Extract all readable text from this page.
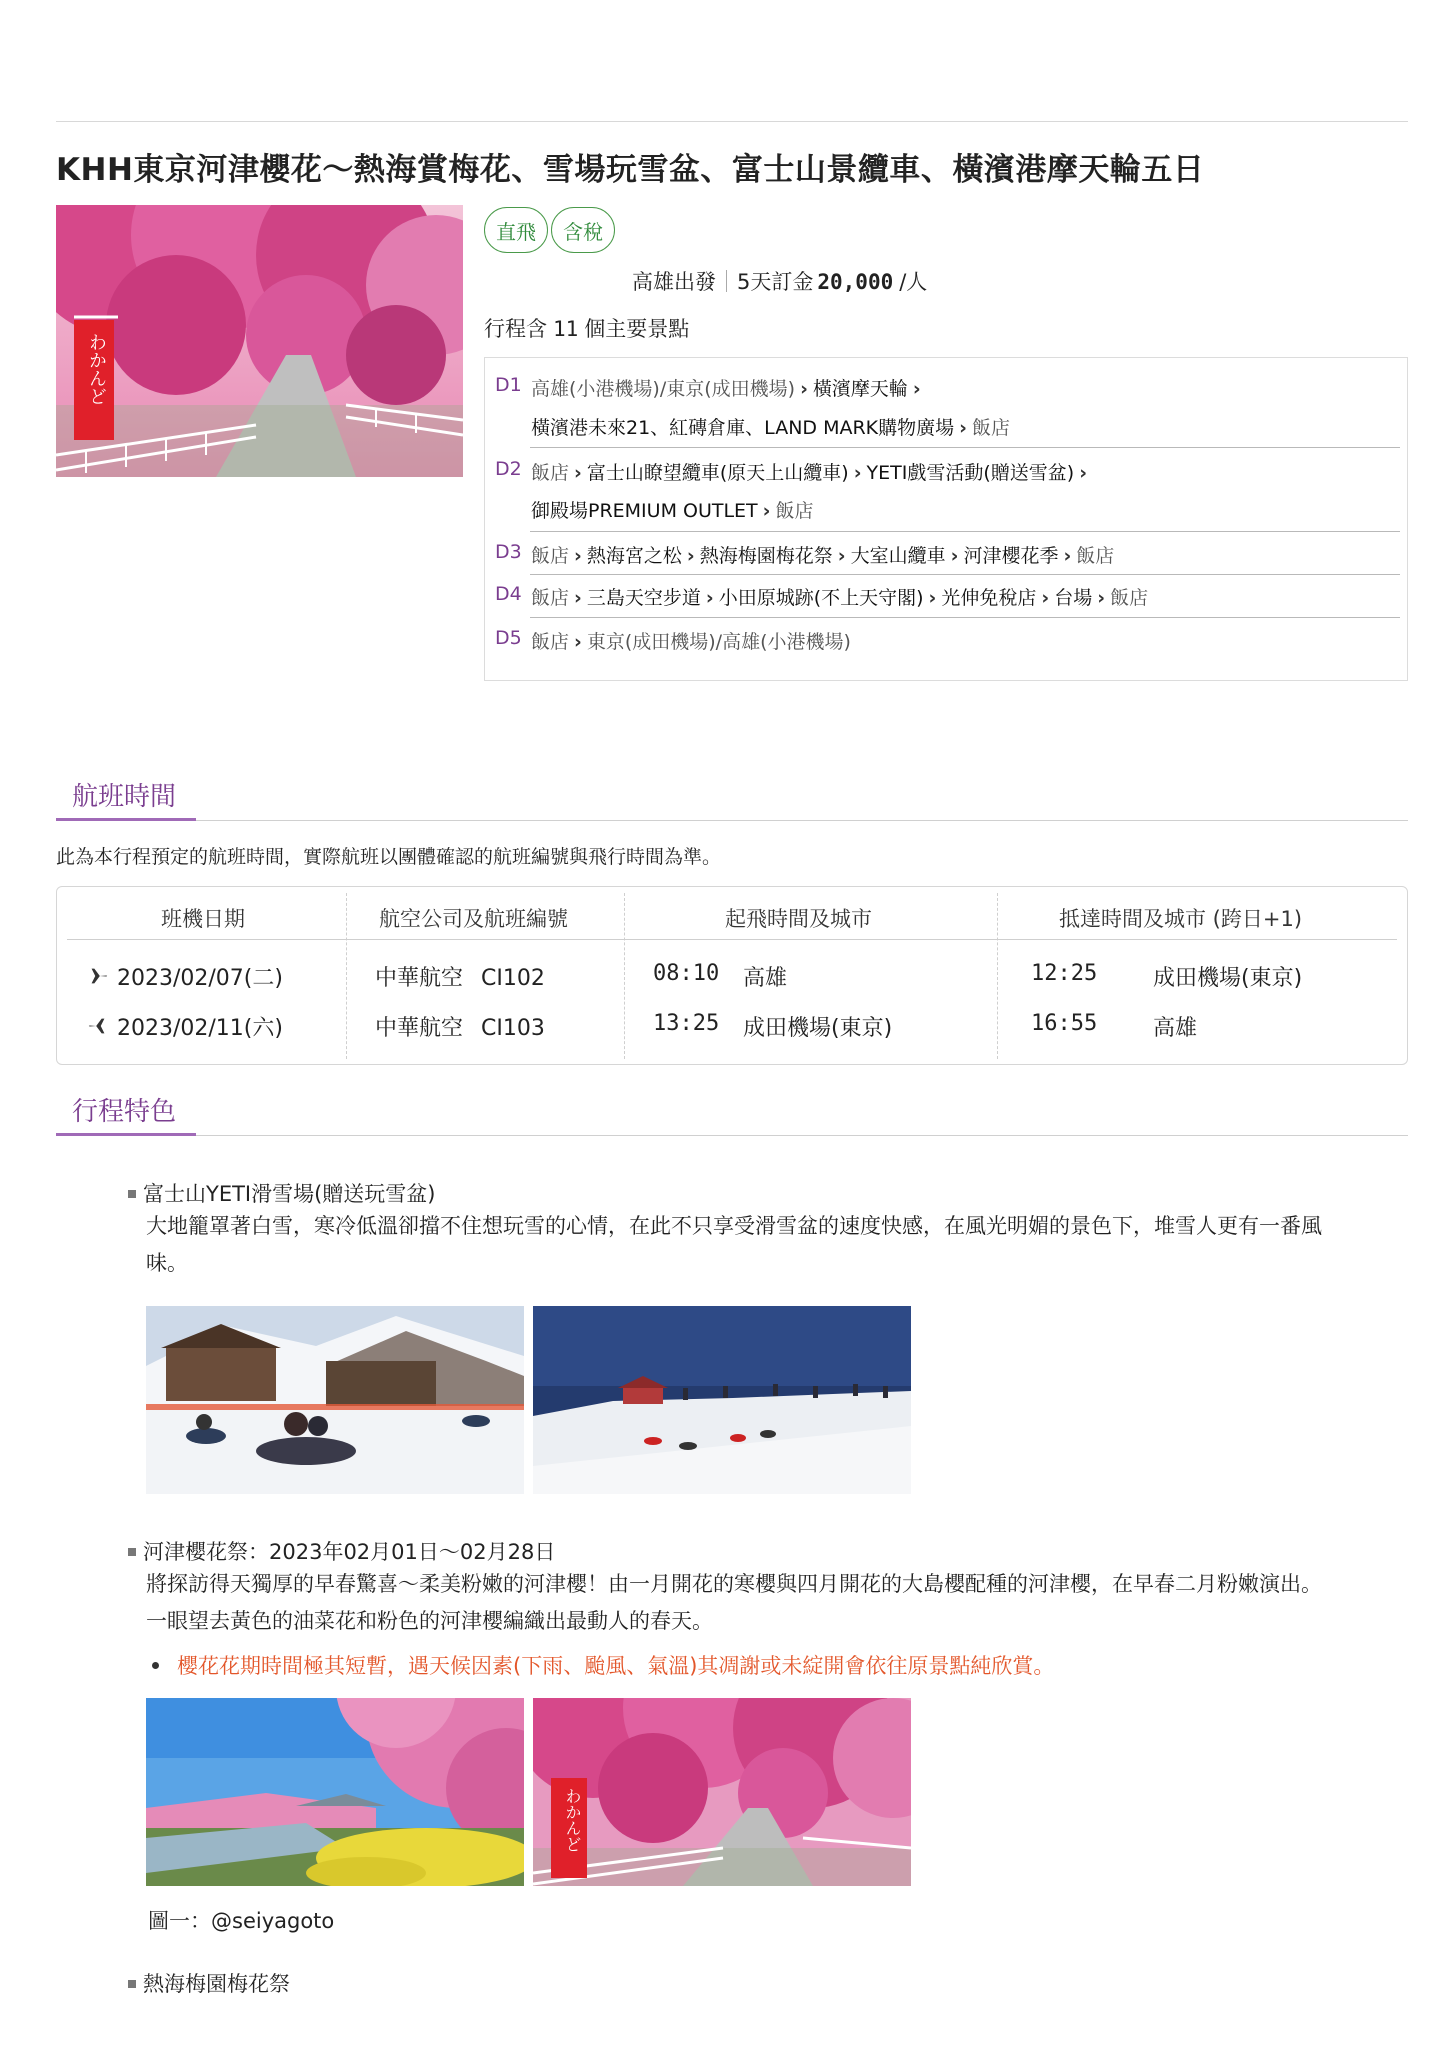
KHH東京河津櫻花～熱海賞梅花、雪場玩雪盆、富士山景纜車、橫濱港摩天輪五日
わかんど
直飛	含稅
高雄出發 5天訂金 20,000 /人
行程含 11 個主要景點
D1 高雄(小港機場)/東京(成田機場) › 橫濱摩天輪 ›
橫濱港未來21、紅磚倉庫、LAND MARK購物廣場 › 飯店
D2 飯店 › 富士山瞭望纜車(原天上山纜車) › YETI戲雪活動(贈送雪盆) ›
御殿場PREMIUM OUTLET › 飯店
D3 飯店 › 熱海宮之松 › 熱海梅園梅花祭 › 大室山纜車 › 河津櫻花季 › 飯店
D4 飯店 › 三島天空步道 › 小田原城跡(不上天守閣) › 光伸免稅店 › 台場 › 飯店
D5 飯店 › 東京(成田機場)/高雄(小港機場)
航班時間
此為本行程預定的航班時間，實際航班以團體確認的航班編號與飛行時間為準。
班機日期	航空公司及航班編號	起飛時間及城市	抵達時間及城市 (跨日+1)
2023/02/07(二)	中華航空 CI102	08:10 高雄	12:25	成田機場(東京)
2023/02/11(六)	中華航空 CI103	13:25 成田機場(東京)	16:55	高雄
行程特色
富士山YETI滑雪場(贈送玩雪盆)
大地籠罩著白雪，寒冷低溫卻擋不住想玩雪的心情，在此不只享受滑雪盆的速度快感，在風光明媚的景色下，堆雪人更有一番風味。
河津櫻花祭：2023年02月01日～02月28日
將探訪得天獨厚的早春驚喜～柔美粉嫩的河津櫻！由一月開花的寒櫻與四月開花的大島櫻配種的河津櫻，在早春二月粉嫩演出。一眼望去黃色的油菜花和粉色的河津櫻編織出最動人的春天。
櫻花花期時間極其短暫，遇天候因素(下雨、颱風、氣溫)其凋謝或未綻開會依往原景點純欣賞。
わかんど
圖一：@seiyagoto
熱海梅園梅花祭
